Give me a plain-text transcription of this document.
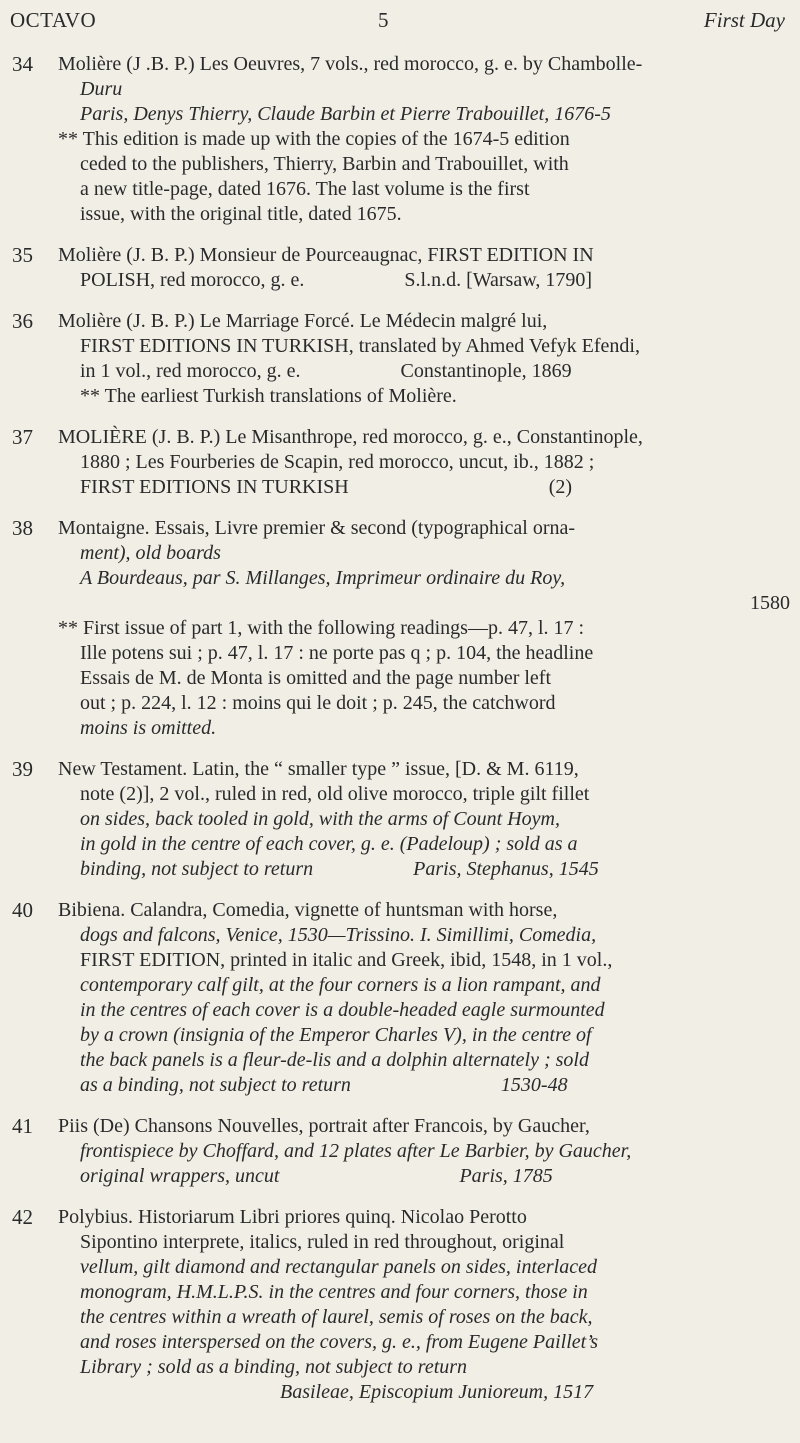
OCTAVO	5	First Day
34	Molière (J .B. P.) Les Oeuvres, 7 vols., red morocco, g. e. by Chambolle-
Duru
Paris, Denys Thierry, Claude Barbin et Pierre Trabouillet, 1676-5
** This edition is made up with the copies of the 1674-5 edition
ceded to the publishers, Thierry, Barbin and Trabouillet, with
a new title-page, dated 1676. The last volume is the first
issue, with the original title, dated 1675.
35	Molière (J. B. P.) Monsieur de Pourceaugnac, FIRST EDITION IN
POLISH, red morocco, g. e.                    S.l.n.d. [Warsaw, 1790]
36	Molière (J. B. P.) Le Marriage Forcé. Le Médecin malgré lui,
FIRST EDITIONS IN TURKISH, translated by Ahmed Vefyk Efendi,
in 1 vol., red morocco, g. e.                    Constantinople, 1869
** The earliest Turkish translations of Molière.
37	MOLIÈRE (J. B. P.) Le Misanthrope, red morocco, g. e., Constantinople,
1880 ; Les Fourberies de Scapin, red morocco, uncut, ib., 1882 ;
FIRST EDITIONS IN TURKISH                                        (2)
38	Montaigne. Essais, Livre premier & second (typographical orna-
ment), old boards
A Bourdeaus, par S. Millanges, Imprimeur ordinaire du Roy,
1580
** First issue of part 1, with the following readings—p. 47, l. 17 :
Ille potens sui ; p. 47, l. 17 : ne porte pas q ; p. 104, the headline
Essais de M. de Monta is omitted and the page number left
out ; p. 224, l. 12 : moins qui le doit ; p. 245, the catchword
moins is omitted.
39	New Testament. Latin, the “ smaller type ” issue, [D. & M. 6119,
note (2)], 2 vol., ruled in red, old olive morocco, triple gilt fillet
on sides, back tooled in gold, with the arms of Count Hoym,
in gold in the centre of each cover, g. e. (Padeloup) ; sold as a
binding, not subject to return                    Paris, Stephanus, 1545
40	Bibiena. Calandra, Comedia, vignette of huntsman with horse,
dogs and falcons, Venice, 1530—Trissino. I. Simillimi, Comedia,
FIRST EDITION, printed in italic and Greek, ibid, 1548, in 1 vol.,
contemporary calf gilt, at the four corners is a lion rampant, and
in the centres of each cover is a double-headed eagle surmounted
by a crown (insignia of the Emperor Charles V), in the centre of
the back panels is a fleur-de-lis and a dolphin alternately ; sold
as a binding, not subject to return                              1530-48
41	Piis (De) Chansons Nouvelles, portrait after Francois, by Gaucher,
frontispiece by Choffard, and 12 plates after Le Barbier, by Gaucher,
original wrappers, uncut                                    Paris, 1785
42	Polybius. Historiarum Libri priores quinq. Nicolao Perotto
Sipontino interprete, italics, ruled in red throughout, original
vellum, gilt diamond and rectangular panels on sides, interlaced
monogram, H.M.L.P.S. in the centres and four corners, those in
the centres within a wreath of laurel, semis of roses on the back,
and roses interspersed on the covers, g. e., from Eugene Paillet’s
Library ; sold as a binding, not subject to return
Basileae, Episcopium Junioreum, 1517
